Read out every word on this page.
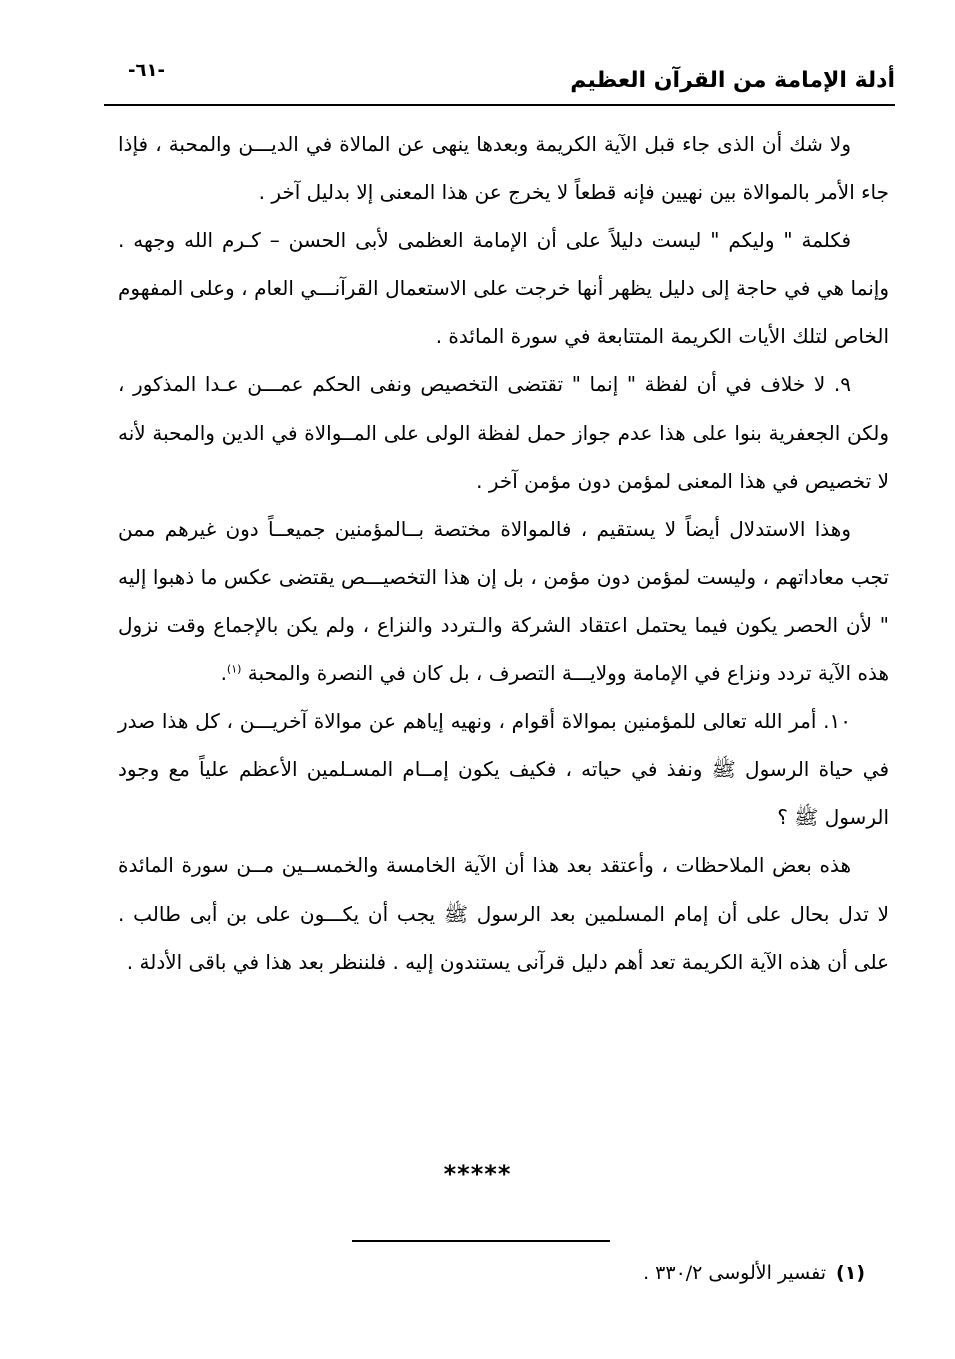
أدلة الإمامة من القرآن العظيم
-٦١-

ولا شك أن الذى جاء قبل الآية الكريمة وبعدها ينهى عن المالاة في الديـــن والمحبة ، فإذا جاء الأمر بالموالاة بين نهيين فإنه قطعاً لا يخرج عن هذا المعنى إلا بدليل آخر .

فكلمة " وليكم " ليست دليلاً على أن الإمامة العظمى لأبى الحسن – كـرم الله وجهه . وإنما هي في حاجة إلى دليل يظهر أنها خرجت على الاستعمال القرآنـــي العام ، وعلى المفهوم الخاص لتلك الأيات الكريمة المتتابعة في سورة المائدة .

٩. لا خلاف في أن لفظة " إنما " تقتضى التخصيص ونفى الحكم عمـــن عـدا المذكور ، ولكن الجعفرية بنوا على هذا عدم جواز حمل لفظة الولى على المــوالاة في الدين والمحبة لأنه لا تخصيص في هذا المعنى لمؤمن دون مؤمن آخر .

وهذا الاستدلال أيضاً لا يستقيم ، فالموالاة مختصة بــالمؤمنين جميعــاً دون غيرهم ممن تجب معاداتهم ، وليست لمؤمن دون مؤمن ، بل إن هذا التخصيـــص يقتضى عكس ما ذهبوا إليه " لأن الحصر يكون فيما يحتمل اعتقاد الشركة والـتردد والنزاع ، ولم يكن بالإجماع وقت نزول هذه الآية تردد ونزاع في الإمامة وولايـــة التصرف ، بل كان في النصرة والمحبة $^{(١)}$.

١٠. أمر الله تعالى للمؤمنين بموالاة أقوام ، ونهيه إياهم عن موالاة آخريـــن ، كل هذا صدر في حياة الرسول ﷺ ونفذ في حياته ، فكيف يكون إمــام المسـلمين الأعظم علياً مع وجود الرسول ﷺ ؟

هذه بعض الملاحظات ، وأعتقد بعد هذا أن الآية الخامسة والخمســين مــن سورة المائدة لا تدل بحال على أن إمام المسلمين بعد الرسول ﷺ يجب أن يكـــون على بن أبى طالب . على أن هذه الآية الكريمة تعد أهم دليل قرآنى يستندون إليه . فلننظر بعد هذا في باقى الأدلة .

*****
(١)تفسير الألوسى ٣٣٠/٢ .
